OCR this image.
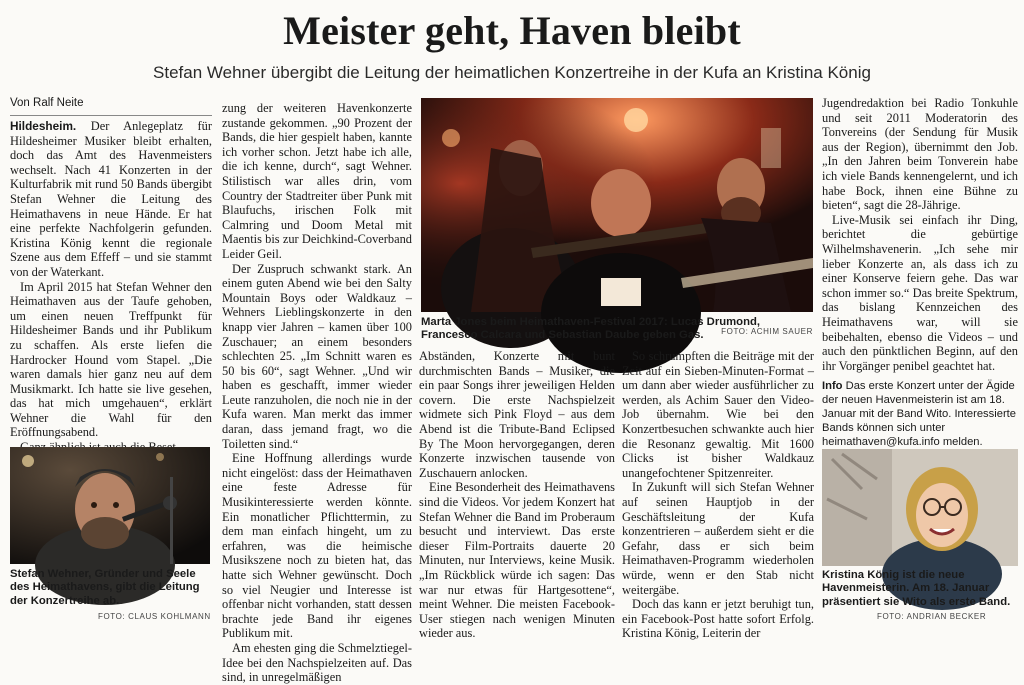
Meister geht, Haven bleibt
Stefan Wehner übergibt die Leitung der heimatlichen Konzertreihe in der Kufa an Kristina König
Von Ralf Neite

Hildesheim. Der Anlegeplatz für Hildesheimer Musiker bleibt erhalten, doch das Amt des Havenmeisters wechselt. Nach 41 Konzerten in der Kulturfabrik mit rund 50 Bands übergibt Stefan Wehner die Leitung des Heimathavens in neue Hände. Er hat eine perfekte Nachfolgerin gefunden. Kristina König kennt die regionale Szene aus dem Effeff – und sie stammt von der Waterkant.

Im April 2015 hat Stefan Wehner den Heimathaven aus der Taufe gehoben, um einen neuen Treffpunkt für Hildesheimer Bands und ihr Publikum zu schaffen. Als erste liefen die Hardrocker Hound vom Stapel. „Die waren damals hier ganz neu auf dem Musikmarkt. Ich hatte sie live gesehen, das hat mich umgehauen“, erklärt Wehner die Wahl für den Eröffnungsabend.

Stefan Wehner, Gründer und Seele des Heimathavens, gibt die Leitung der Konzertreihe ab.
FOTO: CLAUS KOHLMANN

zung der weiteren Havenkonzerte zustande gekommen. „90 Prozent der Bands, die hier gespielt haben, kannte ich vorher schon. Jetzt habe ich alle, die ich kenne, durch“, sagt Wehner. Stilistisch war alles drin, vom Country der Stadtreiter über Punk mit Blaufuchs, irischen Folk mit Calmring und Doom Metal mit Maentis bis zur Deichkind-Coverband Leider Geil.

Der Zuspruch schwankt stark. An einem guten Abend wie bei den Salty Mountain Boys oder Waldkauz – Wehners Lieblingskonzerte in den knapp vier Jahren – kamen über 100 Zuschauer; an einem besonders schlechten 25. „Im Schnitt waren es 50 bis 60“, sagt Wehner. „Und wir haben es geschafft, immer wieder Leute ranzuholen, die noch nie in der Kufa waren. Man merkt das immer daran, dass jemand fragt, wo die Toiletten sind.“

Eine Hoffnung allerdings wurde nicht eingelöst: dass der Heimathaven eine feste Adresse für Musikinteressierte werden könnte. Ein monatlicher Pflichttermin, zu dem man einfach hingeht, um zu erfahren, was die heimische Musikszene noch zu bieten hat, das hatte sich Wehner gewünscht. Doch so viel Neugier und Interesse ist offenbar nicht vorhanden, statt dessen brachte jede Band ihr eigenes Publikum mit.

Am ehesten ging die Schmelztiegel-Idee bei den Nachspielzeiten auf. Das sind, in unregelmäßigen

Marta Jones beim Heimathaven-Festival 2017: Lucas Drumond, Francesco Calcara und Sebastian Daube geben Gas.	FOTO: ACHIM SAUER

Abständen, Konzerte mit bunt durchmischten Bands – Musiker, die ein paar Songs ihrer jeweiligen Helden covern. Die erste Nachspielzeit widmete sich Pink Floyd – aus dem Abend ist die Tribute-Band Eclipsed By The Moon hervorgegangen, deren Konzerte inzwischen tausende von Zuschauern anlocken.

Eine Besonderheit des Heimathavens sind die Videos. Vor jedem Konzert hat Stefan Wehner die Band im Proberaum besucht und interviewt. Das erste dieser Film-Portraits dauerte 20 Minuten, nur Interviews, keine Musik. „Im Rückblick würde ich sagen: Das war nur etwas für Hartgesottene“, meint Wehner. Die meisten Facebook-User stiegen nach wenigen Minuten wieder aus.

So schrumpften die Beiträge mit der Zeit auf ein Sieben-Minuten-Format – um dann aber wieder ausführlicher zu werden, als Achim Sauer den Video-Job übernahm. Wie bei den Konzertbesuchen schwankte auch hier die Resonanz gewaltig. Mit 1600 Clicks ist bisher Waldkauz unangefochtener Spitzenreiter.

In Zukunft will sich Stefan Wehner auf seinen Hauptjob in der Geschäftsleitung der Kufa konzentrieren – außerdem sieht er die Gefahr, dass er sich beim Heimathaven-Programm wiederholen würde, wenn er den Stab nicht weitergäbe.

Doch das kann er jetzt beruhigt tun, ein Facebook-Post hatte sofort Erfolg. Kristina König, Leiterin der

Jugendredaktion bei Radio Tonkuhle und seit 2011 Moderatorin des Tonvereins (der Sendung für Musik aus der Region), übernimmt den Job. „In den Jahren beim Tonverein habe ich viele Bands kennengelernt, und ich habe Bock, ihnen eine Bühne zu bieten“, sagt die 28-Jährige.

Live-Musik sei einfach ihr Ding, berichtet die gebürtige Wilhelmshavenerin. „Ich sehe mir lieber Konzerte an, als dass ich zu einer Konserve feiern gehe. Das war schon immer so.“ Das breite Spektrum, das bislang Kennzeichen des Heimathavens war, will sie beibehalten, ebenso die Videos – und auch den pünktlichen Beginn, auf den ihr Vorgänger penibel geachtet hat.

Info Das erste Konzert unter der Ägide der neuen Havenmeisterin ist am 18. Januar mit der Band Wito. Interessierte Bands können sich unter heimathaven@kufa.info melden.
Kristina König ist die neue Havenmeisterin. Am 18. Januar präsentiert sie Wito als erste Band.
FOTO: ANDRIAN BECKER
